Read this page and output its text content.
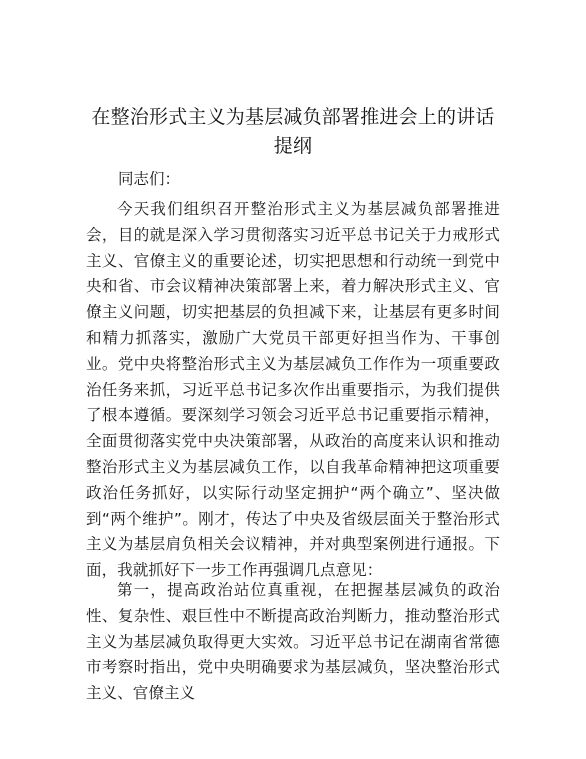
在整治形式主义为基层减负部署推进会上的讲话提纲

同志们：

今天我们组织召开整治形式主义为基层减负部署推进会，目的就是深入学习贯彻落实习近平总书记关于力戒形式主义、官僚主义的重要论述，切实把思想和行动统一到党中央和省、市会议精神决策部署上来，着力解决形式主义、官僚主义问题，切实把基层的负担减下来，让基层有更多时间和精力抓落实，激励广大党员干部更好担当作为、干事创业。党中央将整治形式主义为基层减负工作作为一项重要政治任务来抓，习近平总书记多次作出重要指示，为我们提供了根本遵循。要深刻学习领会习近平总书记重要指示精神，全面贯彻落实党中央决策部署，从政治的高度来认识和推动整治形式主义为基层减负工作，以自我革命精神把这项重要政治任务抓好，以实际行动坚定拥护“两个确立”、坚决做到“两个维护”。刚才，传达了中央及省级层面关于整治形式主义为基层肩负相关会议精神，并对典型案例进行通报。下面，我就抓好下一步工作再强调几点意见：

第一，提高政治站位真重视，在把握基层减负的政治性、复杂性、艰巨性中不断提高政治判断力，推动整治形式主义为基层减负取得更大实效。习近平总书记在湖南省常德市考察时指出，党中央明确要求为基层减负，坚决整治形式主义、官僚主义
